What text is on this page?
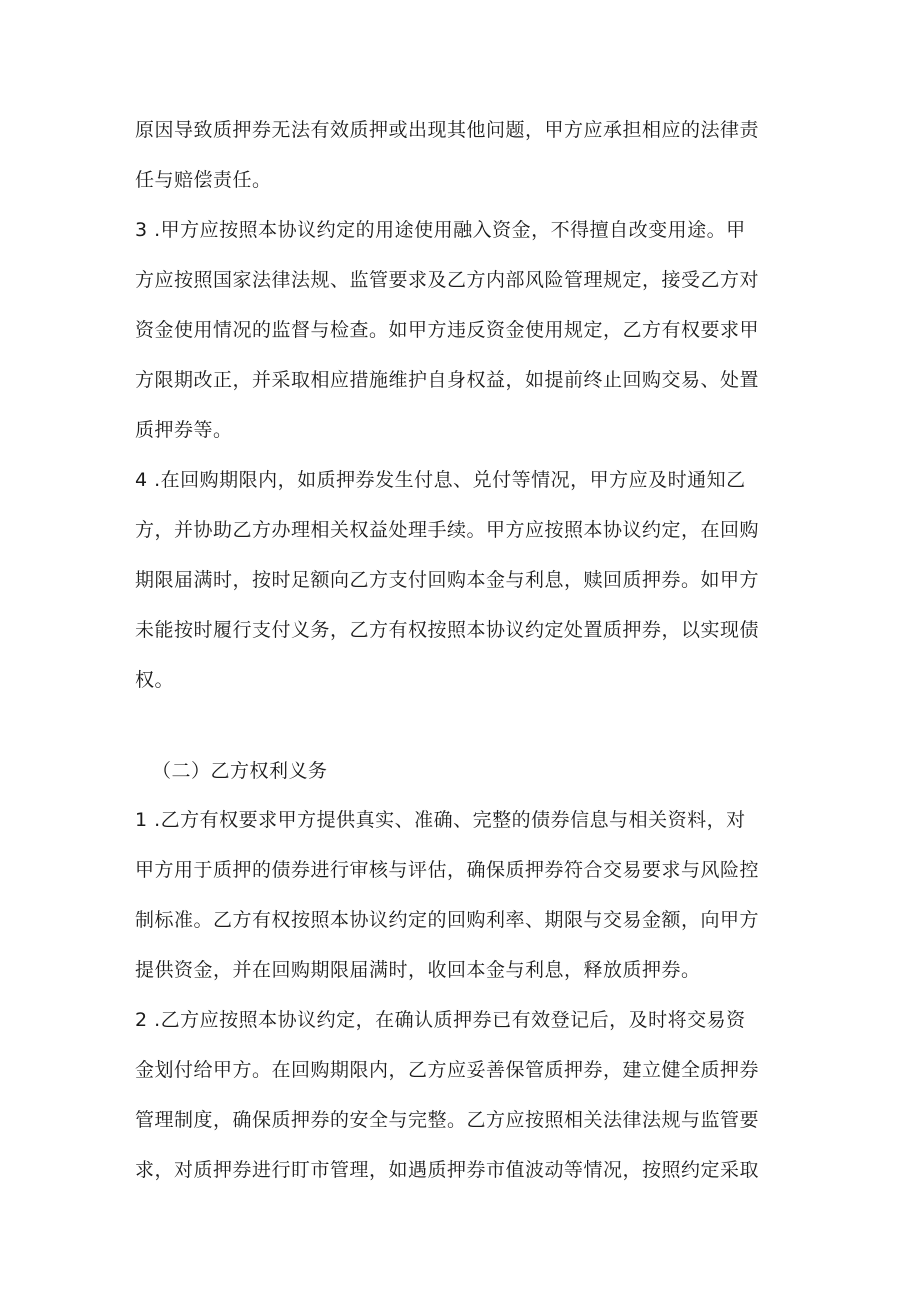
原因导致质押券无法有效质押或出现其他问题，甲方应承担相应的法律责
任与赔偿责任。
3 .甲方应按照本协议约定的用途使用融入资金，不得擅自改变用途。甲
方应按照国家法律法规、监管要求及乙方内部风险管理规定，接受乙方对
资金使用情况的监督与检查。如甲方违反资金使用规定，乙方有权要求甲
方限期改正，并采取相应措施维护自身权益，如提前终止回购交易、处置
质押券等。
4 .在回购期限内，如质押券发生付息、兑付等情况，甲方应及时通知乙
方，并协助乙方办理相关权益处理手续。甲方应按照本协议约定，在回购
期限届满时，按时足额向乙方支付回购本金与利息，赎回质押券。如甲方
未能按时履行支付义务，乙方有权按照本协议约定处置质押券，以实现债
权。
（二）乙方权利义务
1 .乙方有权要求甲方提供真实、准确、完整的债券信息与相关资料，对
甲方用于质押的债券进行审核与评估，确保质押券符合交易要求与风险控
制标准。乙方有权按照本协议约定的回购利率、期限与交易金额，向甲方
提供资金，并在回购期限届满时，收回本金与利息，释放质押券。
2 .乙方应按照本协议约定，在确认质押券已有效登记后，及时将交易资
金划付给甲方。在回购期限内，乙方应妥善保管质押券，建立健全质押券
管理制度，确保质押券的安全与完整。乙方应按照相关法律法规与监管要
求，对质押券进行盯市管理，如遇质押券市值波动等情况，按照约定采取
